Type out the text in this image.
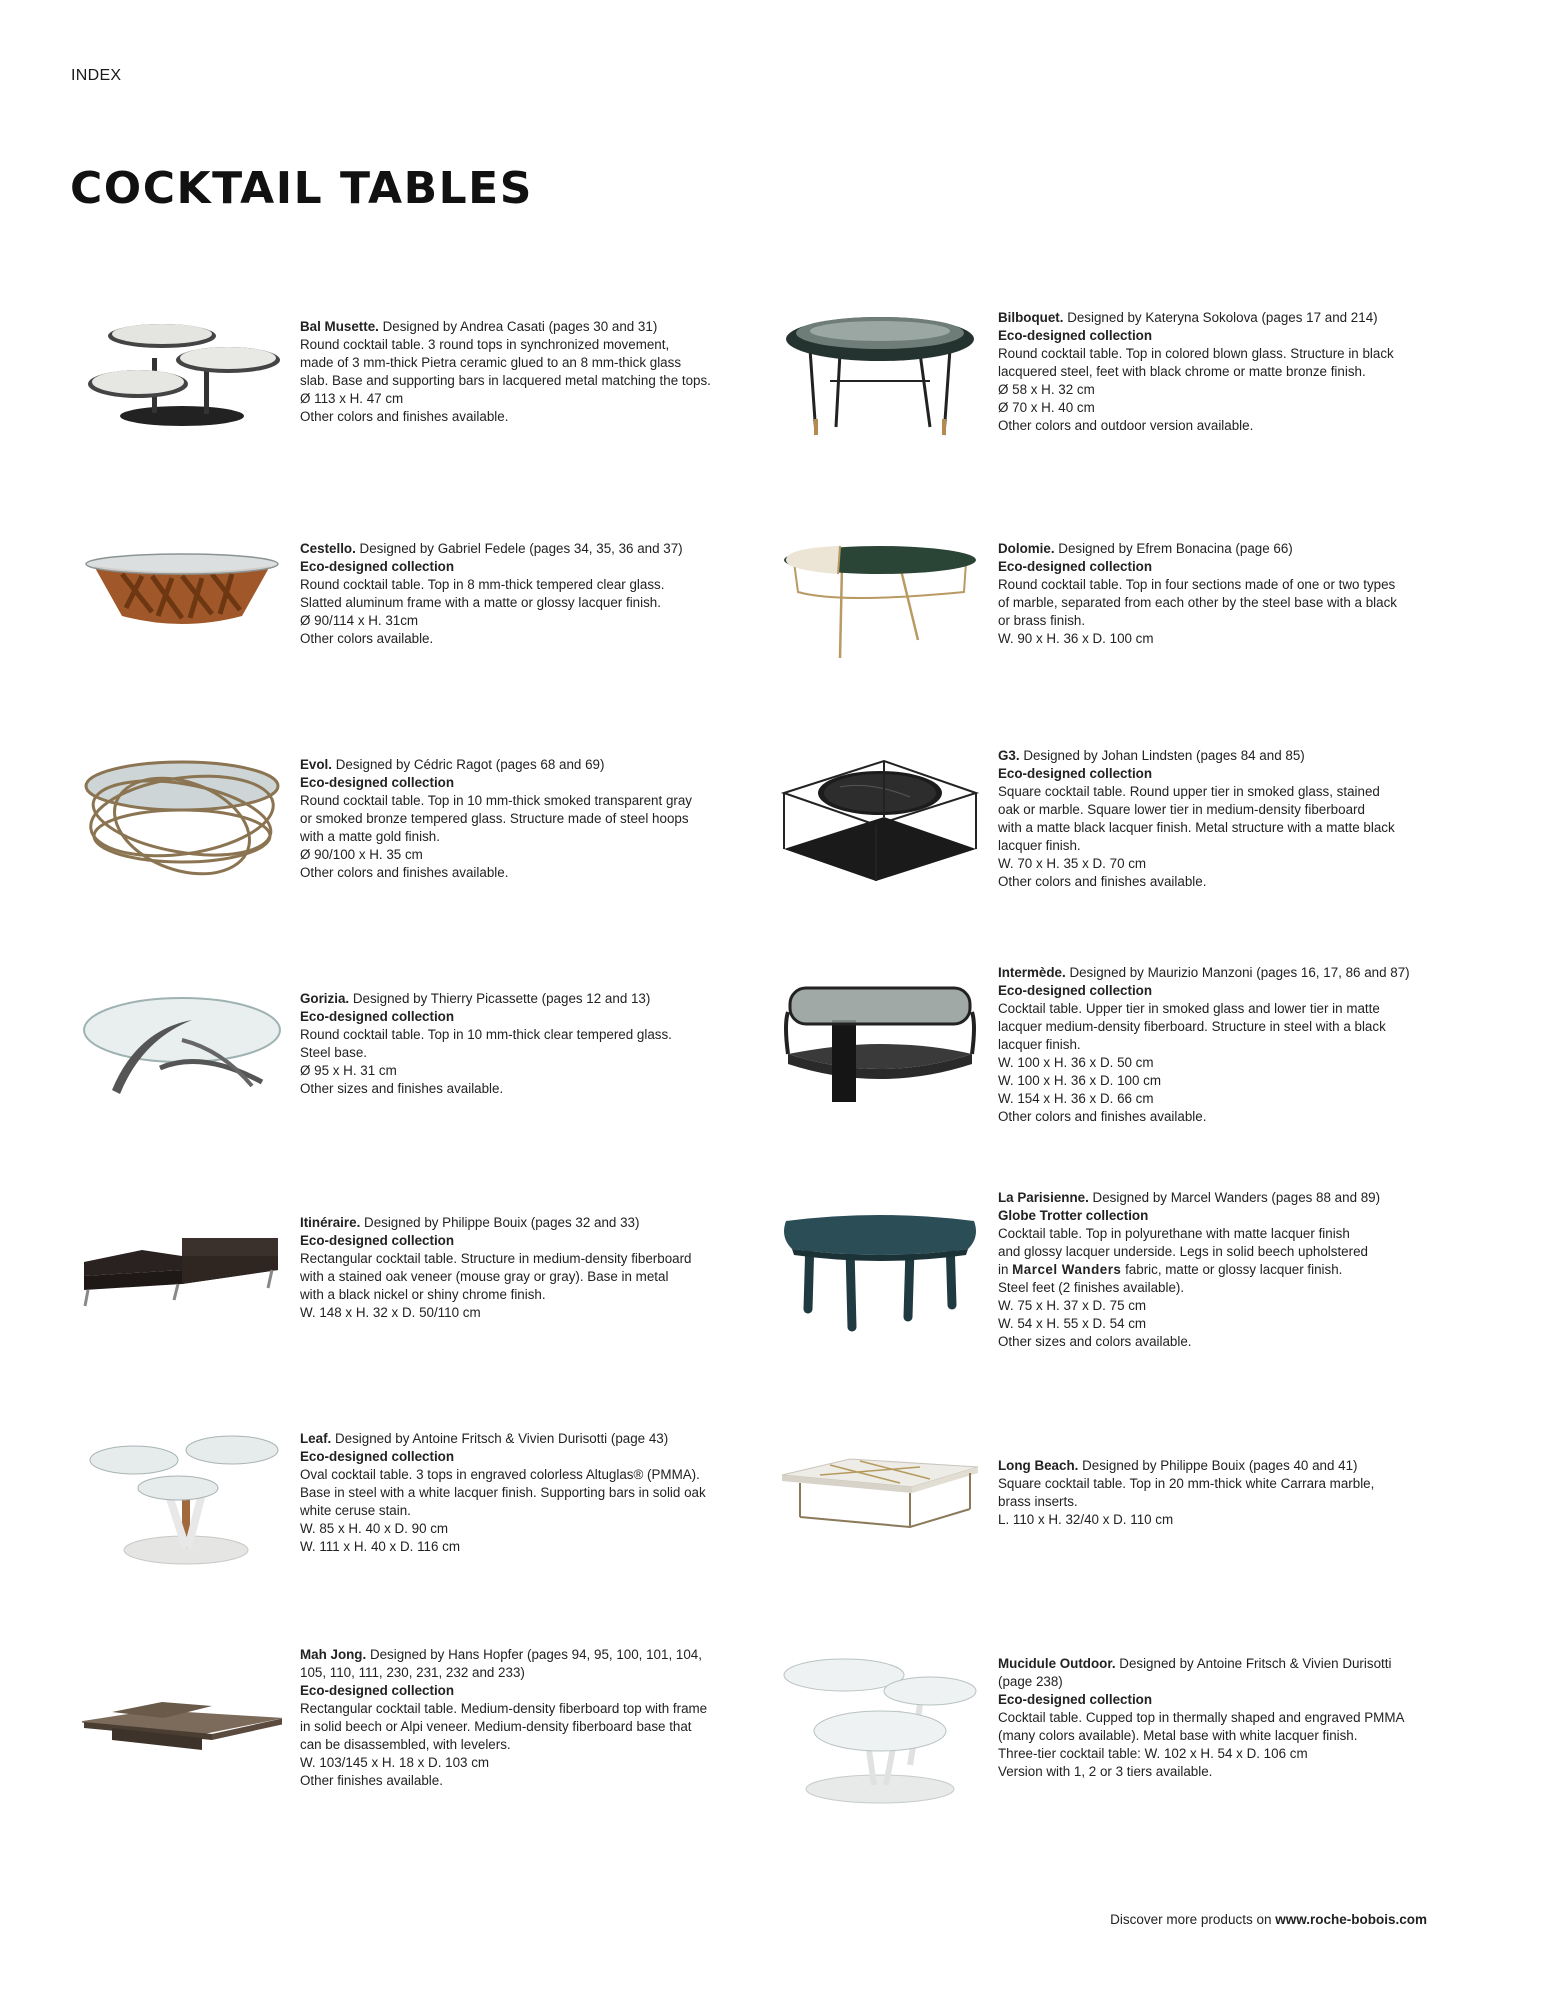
INDEX
COCKTAIL TABLES
Bal Musette. Designed by Andrea Casati (pages 30 and 31)
Round cocktail table. 3 round tops in synchronized movement,
made of 3 mm-thick Pietra ceramic glued to an 8 mm-thick glass
slab. Base and supporting bars in lacquered metal matching the tops.
Ø 113 x H. 47 cm
Other colors and finishes available.
Cestello. Designed by Gabriel Fedele (pages 34, 35, 36 and 37)
Eco-designed collection
Round cocktail table. Top in 8 mm-thick tempered clear glass.
Slatted aluminum frame with a matte or glossy lacquer finish.
Ø 90/114 x H. 31cm
Other colors available.
Evol. Designed by Cédric Ragot (pages 68 and 69)
Eco-designed collection
Round cocktail table. Top in 10 mm-thick smoked transparent gray
or smoked bronze tempered glass. Structure made of steel hoops
with a matte gold finish.
Ø 90/100 x H. 35 cm
Other colors and finishes available.
Gorizia. Designed by Thierry Picassette (pages 12 and 13)
Eco-designed collection
Round cocktail table. Top in 10 mm-thick clear tempered glass.
Steel base.
Ø 95 x H. 31 cm
Other sizes and finishes available.
Itinéraire. Designed by Philippe Bouix (pages 32 and 33)
Eco-designed collection
Rectangular cocktail table. Structure in medium-density fiberboard
with a stained oak veneer (mouse gray or gray). Base in metal
with a black nickel or shiny chrome finish.
W. 148 x H. 32 x D. 50/110 cm
Leaf. Designed by Antoine Fritsch & Vivien Durisotti (page 43)
Eco-designed collection
Oval cocktail table. 3 tops in engraved colorless Altuglas® (PMMA).
Base in steel with a white lacquer finish. Supporting bars in solid oak
white ceruse stain.
W. 85 x H. 40 x D. 90 cm
W. 111 x H. 40 x D. 116 cm
Mah Jong. Designed by Hans Hopfer (pages 94, 95, 100, 101, 104,
105, 110, 111, 230, 231, 232 and 233)
Eco-designed collection
Rectangular cocktail table. Medium-density fiberboard top with frame
in solid beech or Alpi veneer. Medium-density fiberboard base that
can be disassembled, with levelers.
W. 103/145 x H. 18 x D. 103 cm
Other finishes available.
Bilboquet. Designed by Kateryna Sokolova (pages 17 and 214)
Eco-designed collection
Round cocktail table. Top in colored blown glass. Structure in black
lacquered steel, feet with black chrome or matte bronze finish.
Ø 58 x H. 32 cm
Ø 70 x H. 40 cm
Other colors and outdoor version available.
Dolomie. Designed by Efrem Bonacina (page 66)
Eco-designed collection
Round cocktail table. Top in four sections made of one or two types
of marble, separated from each other by the steel base with a black
or brass finish.
W. 90 x H. 36 x D. 100 cm
G3. Designed by Johan Lindsten (pages 84 and 85)
Eco-designed collection
Square cocktail table. Round upper tier in smoked glass, stained
oak or marble. Square lower tier in medium-density fiberboard
with a matte black lacquer finish. Metal structure with a matte black
lacquer finish.
W. 70 x H. 35 x D. 70 cm
Other colors and finishes available.
Intermède. Designed by Maurizio Manzoni (pages 16, 17, 86 and 87)
Eco-designed collection
Cocktail table. Upper tier in smoked glass and lower tier in matte
lacquer medium-density fiberboard. Structure in steel with a black
lacquer finish.
W. 100 x H. 36 x D. 50 cm
W. 100 x H. 36 x D. 100 cm
W. 154 x H. 36 x D. 66 cm
Other colors and finishes available.
La Parisienne. Designed by Marcel Wanders (pages 88 and 89)
Globe Trotter collection
Cocktail table. Top in polyurethane with matte lacquer finish
and glossy lacquer underside. Legs in solid beech upholstered
in Marcel Wanders fabric, matte or glossy lacquer finish.
Steel feet (2 finishes available).
W. 75 x H. 37 x D. 75 cm
W. 54 x H. 55 x D. 54 cm
Other sizes and colors available.
Long Beach. Designed by Philippe Bouix (pages 40 and 41)
Square cocktail table. Top in 20 mm-thick white Carrara marble,
brass inserts.
L. 110 x H. 32/40 x D. 110 cm
Mucidule Outdoor. Designed by Antoine Fritsch & Vivien Durisotti
(page 238)
Eco-designed collection
Cocktail table. Cupped top in thermally shaped and engraved PMMA
(many colors available). Metal base with white lacquer finish.
Three-tier cocktail table: W. 102 x H. 54 x D. 106 cm
Version with 1, 2 or 3 tiers available.
Discover more products on www.roche-bobois.com
